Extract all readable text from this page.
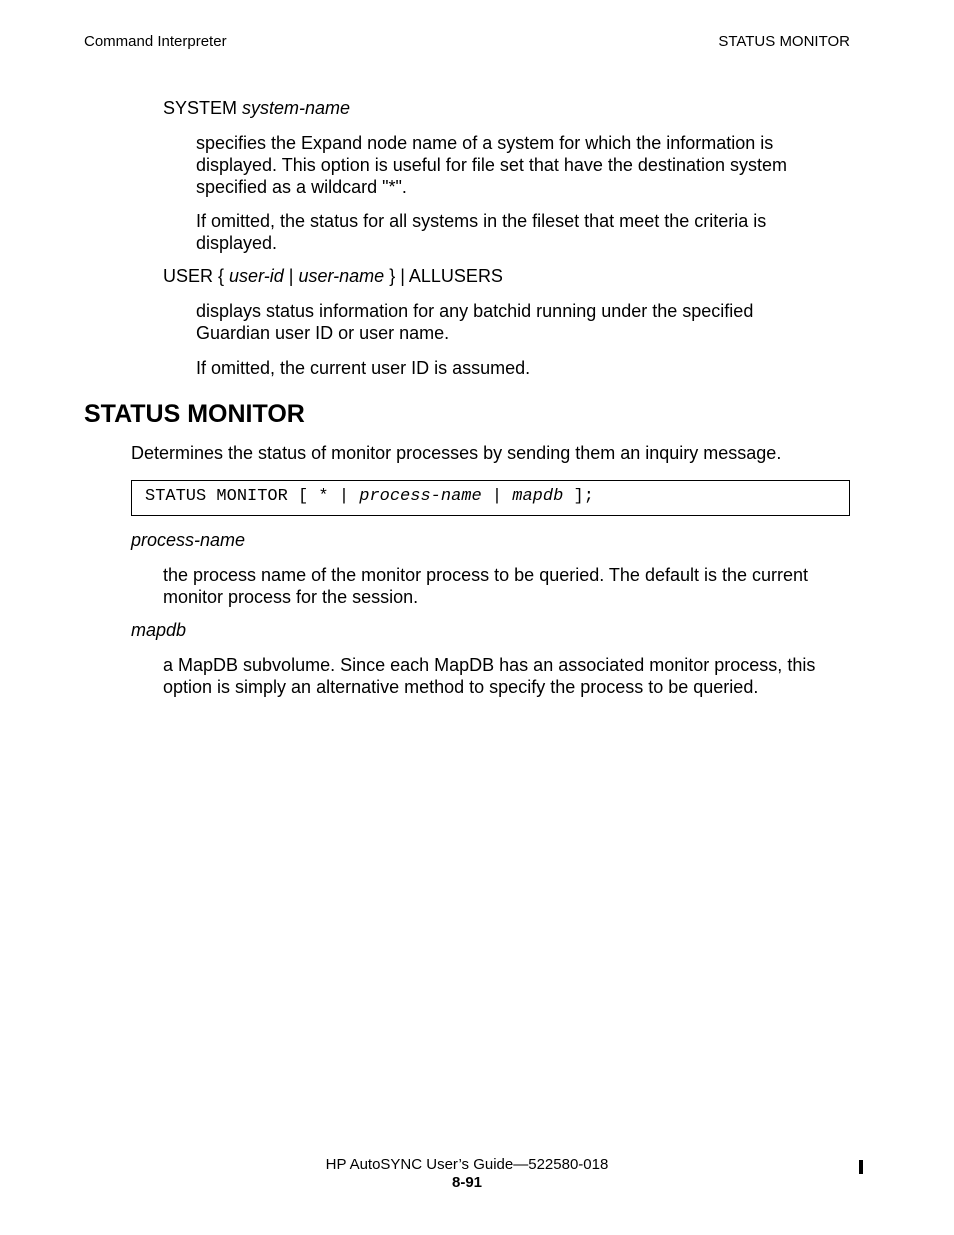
Command Interpreter	STATUS MONITOR
SYSTEM system-name
specifies the Expand node name of a system for which the information is
displayed. This option is useful for file set that have the destination system
specified as a wildcard "*".
If omitted, the status for all systems in the fileset that meet the criteria is
displayed.
USER { user-id | user-name } | ALLUSERS
displays status information for any batchid running under the specified
Guardian user ID or user name.
If omitted, the current user ID is assumed.
STATUS MONITOR
Determines the status of monitor processes by sending them an inquiry message.
STATUS MONITOR [ * | process-name | mapdb ];
process-name
the process name of the monitor process to be queried. The default is the current
monitor process for the session.
mapdb
a MapDB subvolume. Since each MapDB has an associated monitor process, this
option is simply an alternative method to specify the process to be queried.
HP AutoSYNC User’s Guide—522580-018
8-91
